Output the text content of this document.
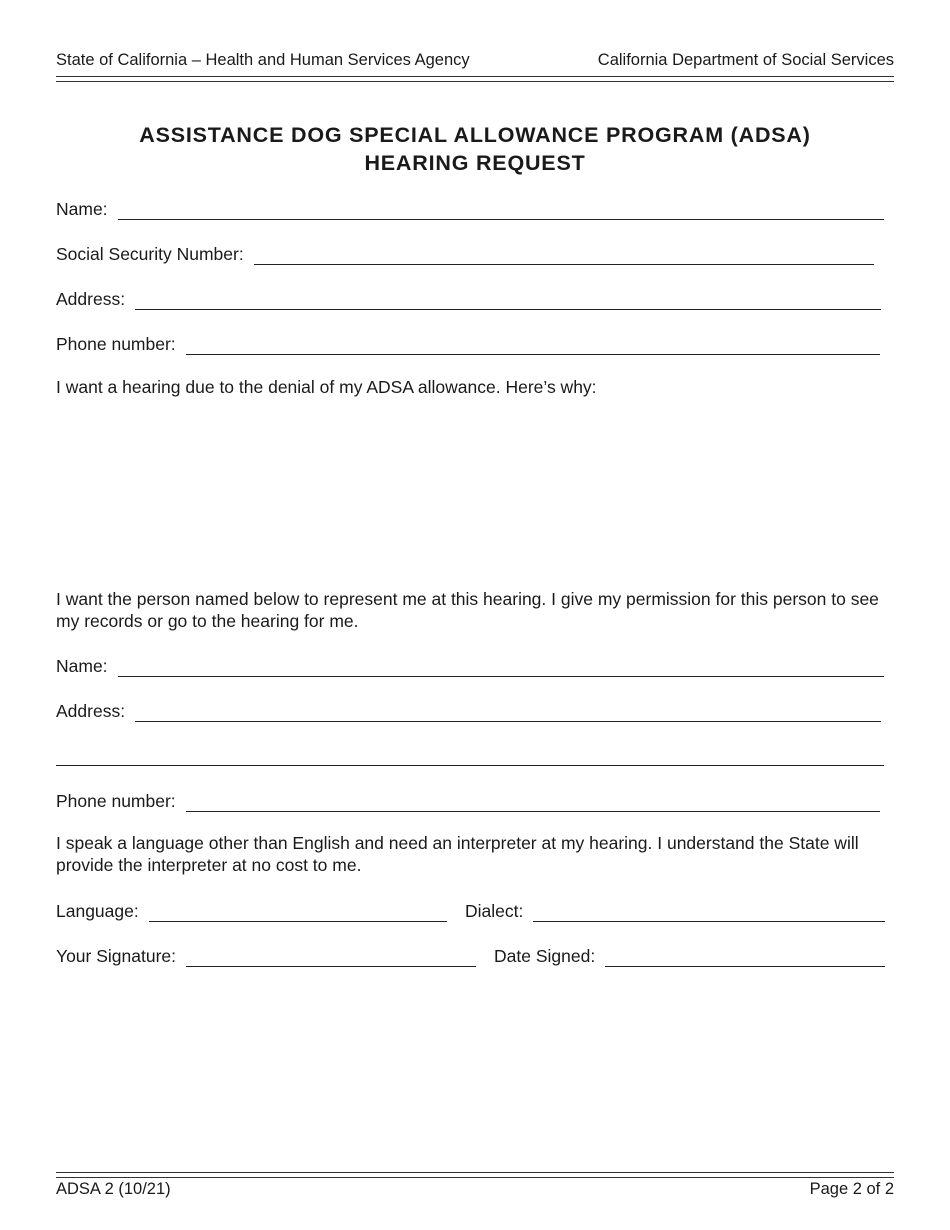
State of California – Health and Human Services Agency	California Department of Social Services
ASSISTANCE DOG SPECIAL ALLOWANCE PROGRAM (ADSA)
HEARING REQUEST
Name:
Social Security Number:
Address:
Phone number:
I want a hearing due to the denial of my ADSA allowance. Here’s why:
I want the person named below to represent me at this hearing. I give my permission for this person to see my records or go to the hearing for me.
Name:
Address:
Phone number:
I speak a language other than English and need an interpreter at my hearing. I understand the State will provide the interpreter at no cost to me.
Language:	Dialect:
Your Signature:	Date Signed:
ADSA 2 (10/21)	Page 2 of 2
